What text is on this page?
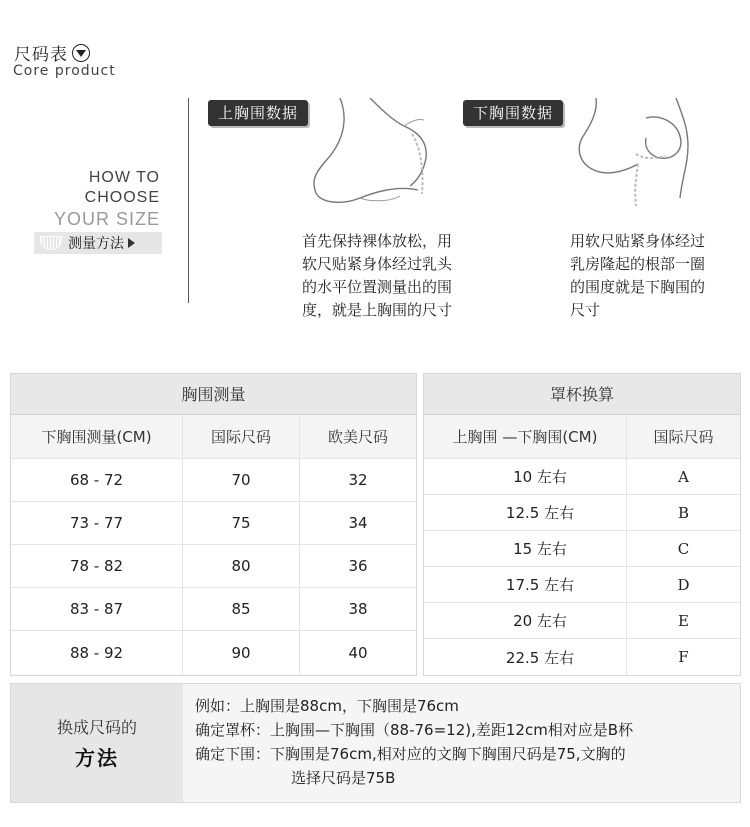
尺码表
Core product
HOW TO
CHOOSE
YOUR SIZE
测量方法
上胸围数据
首先保持裸体放松，用
软尺贴紧身体经过乳头
的水平位置测量出的围
度，就是上胸围的尺寸
下胸围数据
用软尺贴紧身体经过
乳房隆起的根部一圈
的围度就是下胸围的
尺寸
胸围测量
下胸围测量(CM)	国际尺码	欧美尺码
68 - 72	70	32
73 - 77	75	34
78 - 82	80	36
83 - 87	85	38
88 - 92	90	40
罩杯换算
上胸围 —下胸围(CM)	国际尺码
10 左右	A
12.5 左右	B
15 左右	C
17.5 左右	D
20 左右	E
22.5 左右	F
换成尺码的
方法
例如：上胸围是88cm，下胸围是76cm
确定罩杯：上胸围—下胸围（88-76=12),差距12cm相对应是B杯
确定下围：下胸围是76cm,相对应的文胸下胸围尺码是75,文胸的
选择尺码是75B
